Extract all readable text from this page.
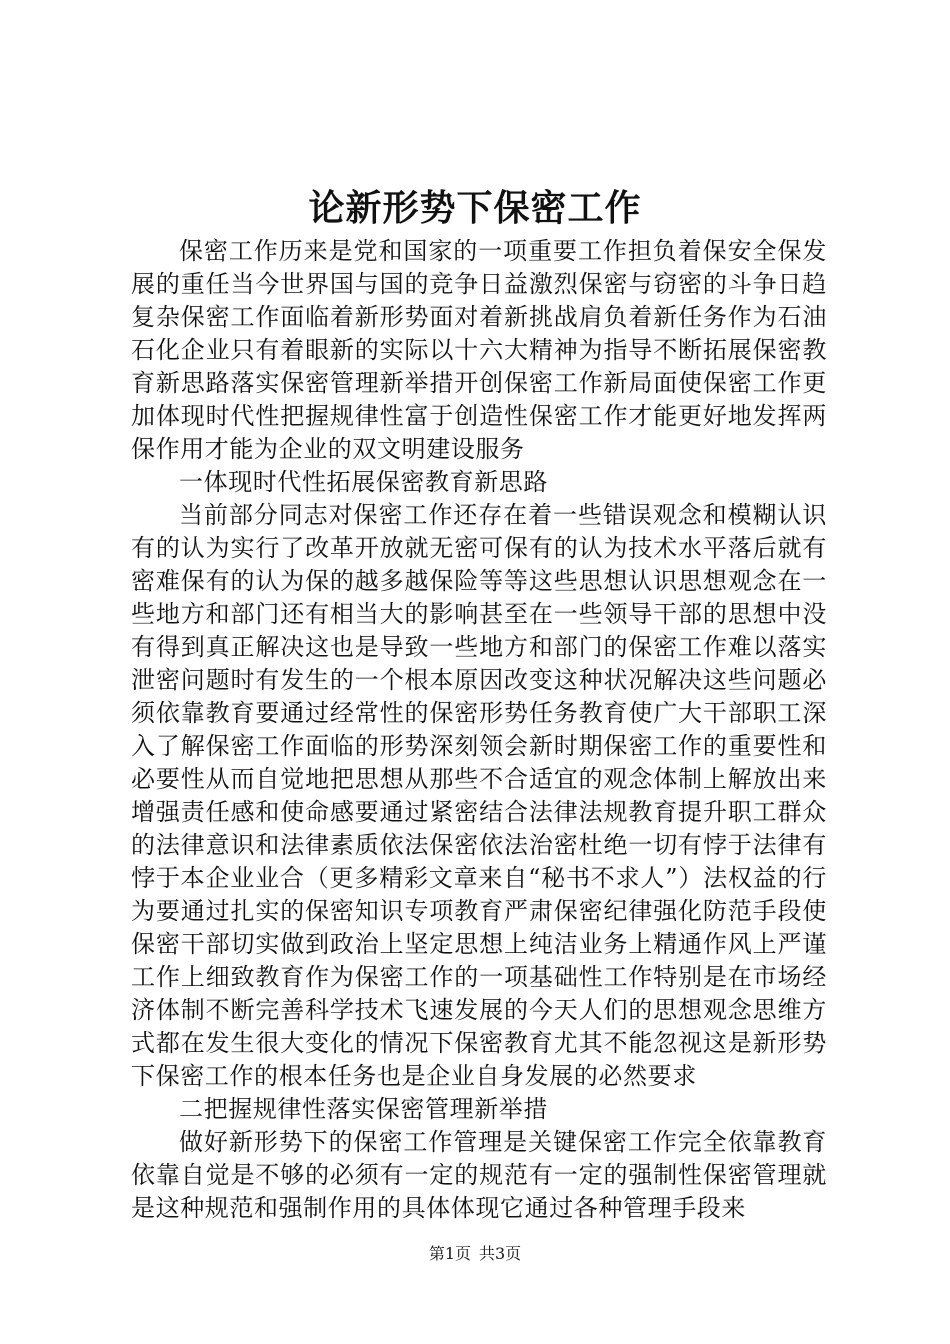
论新形势下保密工作

保密工作历来是党和国家的一项重要工作担负着保安全保发展的重任当今世界国与国的竞争日益激烈保密与窃密的斗争日趋复杂保密工作面临着新形势面对着新挑战肩负着新任务作为石油石化企业只有着眼新的实际以十六大精神为指导不断拓展保密教育新思路落实保密管理新举措开创保密工作新局面使保密工作更加体现时代性把握规律性富于创造性保密工作才能更好地发挥两保作用才能为企业的双文明建设服务

一体现时代性拓展保密教育新思路

当前部分同志对保密工作还存在着一些错误观念和模糊认识有的认为实行了改革开放就无密可保有的认为技术水平落后就有密难保有的认为保的越多越保险等等这些思想认识思想观念在一些地方和部门还有相当大的影响甚至在一些领导干部的思想中没有得到真正解决这也是导致一些地方和部门的保密工作难以落实泄密问题时有发生的一个根本原因改变这种状况解决这些问题必须依靠教育要通过经常性的保密形势任务教育使广大干部职工深入了解保密工作面临的形势深刻领会新时期保密工作的重要性和必要性从而自觉地把思想从那些不合适宜的观念体制上解放出来增强责任感和使命感要通过紧密结合法律法规教育提升职工群众的法律意识和法律素质依法保密依法治密杜绝一切有悖于法律有悖于本企业业合（更多精彩文章来自“秘书不求人”）法权益的行为要通过扎实的保密知识专项教育严肃保密纪律强化防范手段使保密干部切实做到政治上坚定思想上纯洁业务上精通作风上严谨工作上细致教育作为保密工作的一项基础性工作特别是在市场经济体制不断完善科学技术飞速发展的今天人们的思想观念思维方式都在发生很大变化的情况下保密教育尤其不能忽视这是新形势下保密工作的根本任务也是企业自身发展的必然要求

二把握规律性落实保密管理新举措

做好新形势下的保密工作管理是关键保密工作完全依靠教育依靠自觉是不够的必须有一定的规范有一定的强制性保密管理就是这种规范和强制作用的具体体现它通过各种管理手段来

第1页 共3页
